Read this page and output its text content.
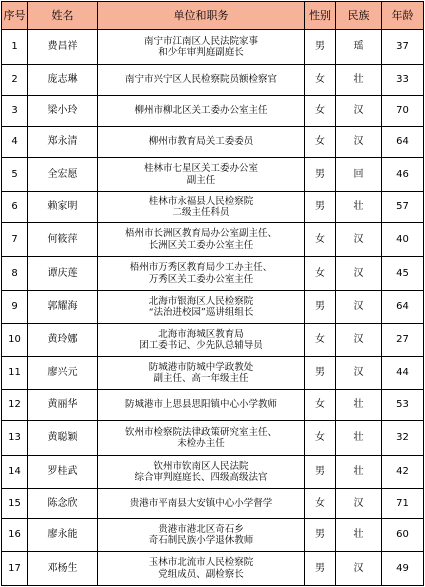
序号	姓名	单位和职务	性别	民族	年龄
1	费昌祥	南宁市江南区人民法院家事
和少年审判庭副庭长	男	瑶	37
2	庞志琳	南宁市兴宁区人民检察院员额检察官	女	壮	33
3	梁小玲	柳州市柳北区关工委办公室主任	女	汉	70
4	郑永清	柳州市教育局关工委委员	女	汉	64
5	全宏愿	桂林市七星区关工委办公室
副主任	男	回	46
6	赖家明	桂林市永福县人民检察院
二级主任科员	男	壮	57
7	何筱萍	梧州市长洲区教育局办公室副主任、
长洲区关工委办公室主任	女	汉	40
8	谭庆莲	梧州市万秀区教育局少工办主任、
万秀区关工委办公室主任	女	汉	45
9	郭耀海	北海市银海区人民检察院
“法治进校园”巡讲组组长	男	汉	64
10	黄玲娜	北海市海城区教育局
团工委书记、少先队总辅导员	女	汉	27
11	廖兴元	防城港市防城中学政教处
副主任、高一年级主任	男	汉	44
12	黄丽华	防城港市上思县思阳镇中心小学教师	女	壮	53
13	黄聪颖	钦州市检察院法律政策研究室主任、
未检办主任	女	壮	32
14	罗桂武	钦州市钦南区人民法院
综合审判庭庭长、四级高级法官	男	壮	42
15	陈念欣	贵港市平南县大安镇中心小学督学	女	汉	71
16	廖永能	贵港市港北区奇石乡
奇石制民族小学退休教师	男	壮	60
17	邓杨生	玉林市北流市人民检察院
党组成员、副检察长	男	汉	49
